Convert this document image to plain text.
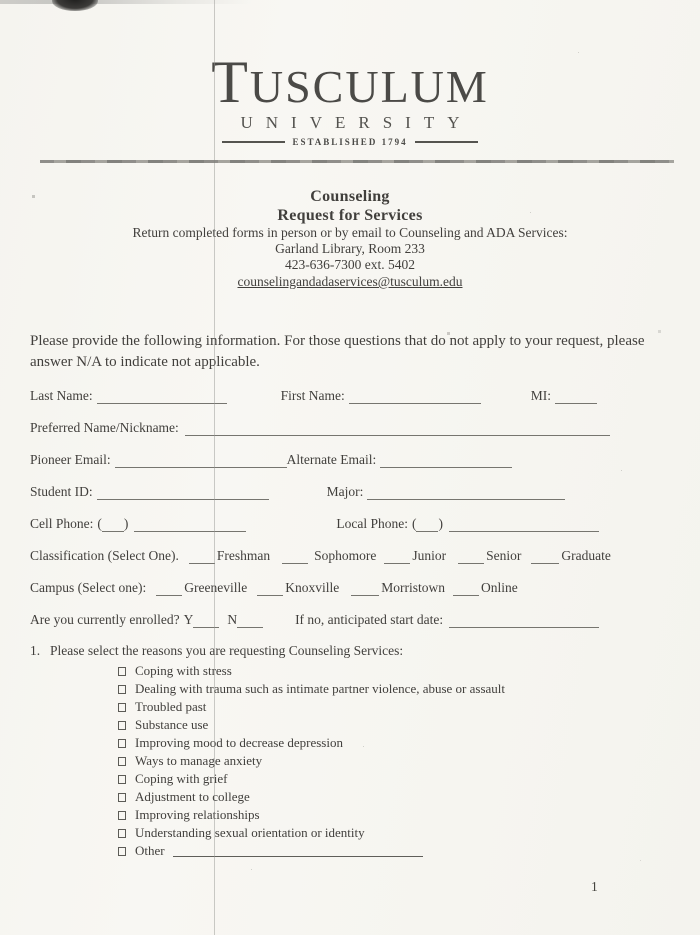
TUSCULUM
UNIVERSITY
ESTABLISHED 1794
Counseling
Request for Services
Return completed forms in person or by email to Counseling and ADA Services:
Garland Library, Room 233
423-636-7300 ext. 5402
counselingandadaservices@tusculum.edu
Please provide the following information. For those questions that do not apply to your request, please answer N/A to indicate not applicable.
Last Name:	First Name:	MI:
Preferred Name/Nickname:
Pioneer Email:	Alternate Email:
Student ID:	Major:
Cell Phone: ( )	Local Phone: ( )
Classification (Select One).	Freshman	Sophomore	Junior	Senior	Graduate
Campus (Select one):	Greeneville	Knoxville	Morristown	Online
Are you currently enrolled? Y	N	If no, anticipated start date:
1. Please select the reasons you are requesting Counseling Services:
Coping with stress
Dealing with trauma such as intimate partner violence, abuse or assault
Troubled past
Substance use
Improving mood to decrease depression
Ways to manage anxiety
Coping with grief
Adjustment to college
Improving relationships
Understanding sexual orientation or identity
Other
1
